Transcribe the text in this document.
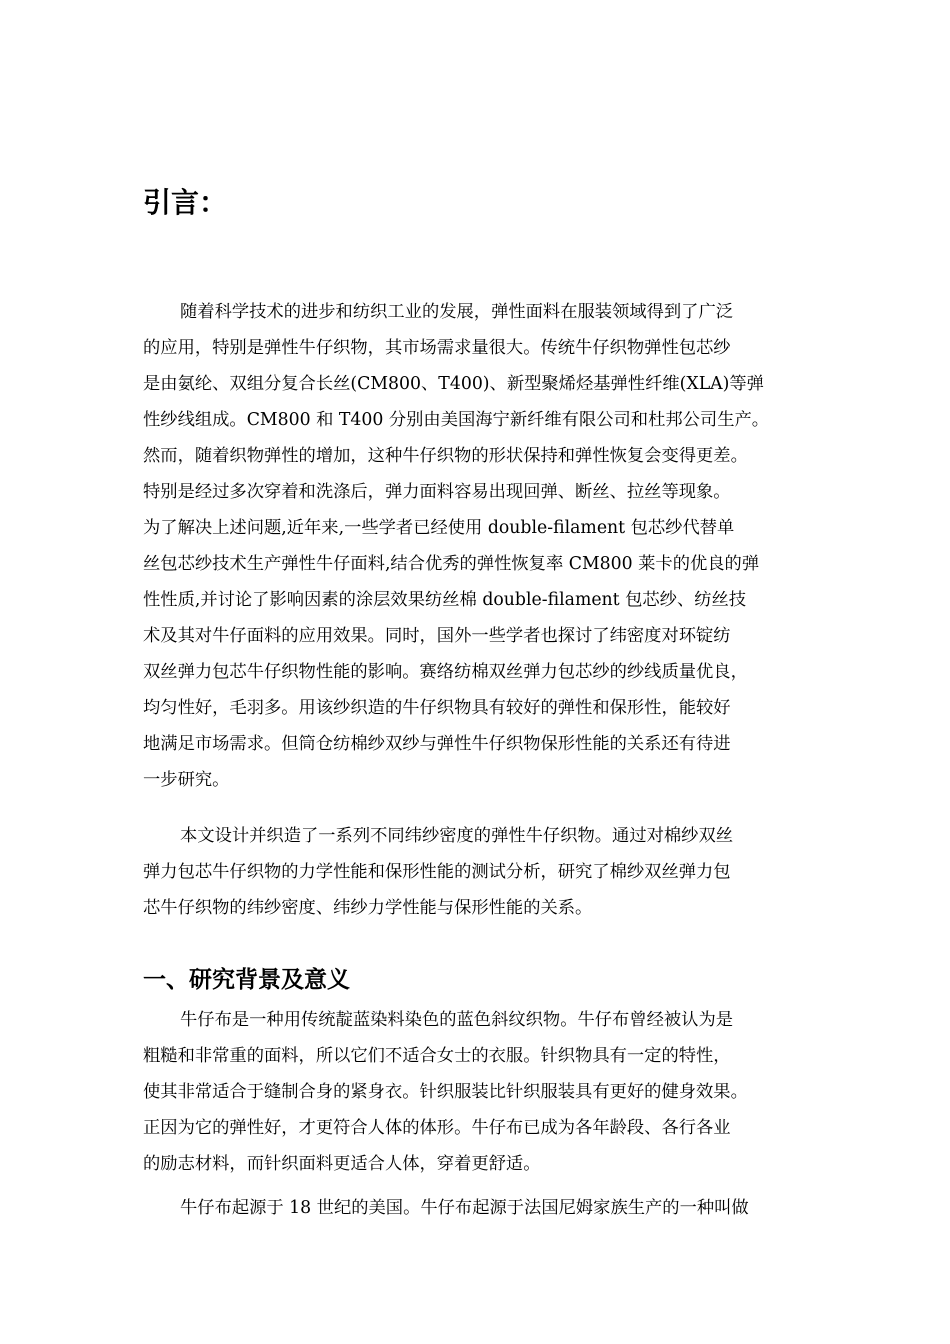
引言：

随着科学技术的进步和纺织工业的发展，弹性面料在服装领域得到了广泛

的应用，特别是弹性牛仔织物，其市场需求量很大。传统牛仔织物弹性包芯纱

是由氨纶、双组分复合长丝(CM800、T400)、新型聚烯烃基弹性纤维(XLA)等弹

性纱线组成。CM800 和 T400 分别由美国海宁新纤维有限公司和杜邦公司生产。

然而，随着织物弹性的增加，这种牛仔织物的形状保持和弹性恢复会变得更差。

特别是经过多次穿着和洗涤后，弹力面料容易出现回弹、断丝、拉丝等现象。

为了解决上述问题,近年来,一些学者已经使用 double-filament 包芯纱代替单

丝包芯纱技术生产弹性牛仔面料,结合优秀的弹性恢复率 CM800 莱卡的优良的弹

性性质,并讨论了影响因素的涂层效果纺丝棉 double-filament 包芯纱、纺丝技

术及其对牛仔面料的应用效果。同时，国外一些学者也探讨了纬密度对环锭纺

双丝弹力包芯牛仔织物性能的影响。赛络纺棉双丝弹力包芯纱的纱线质量优良，

均匀性好，毛羽多。用该纱织造的牛仔织物具有较好的弹性和保形性，能较好

地满足市场需求。但筒仓纺棉纱双纱与弹性牛仔织物保形性能的关系还有待进

一步研究。

本文设计并织造了一系列不同纬纱密度的弹性牛仔织物。通过对棉纱双丝

弹力包芯牛仔织物的力学性能和保形性能的测试分析，研究了棉纱双丝弹力包

芯牛仔织物的纬纱密度、纬纱力学性能与保形性能的关系。

一、研究背景及意义

牛仔布是一种用传统靛蓝染料染色的蓝色斜纹织物。牛仔布曾经被认为是

粗糙和非常重的面料，所以它们不适合女士的衣服。针织物具有一定的特性，

使其非常适合于缝制合身的紧身衣。针织服装比针织服装具有更好的健身效果。

正因为它的弹性好，才更符合人体的体形。牛仔布已成为各年龄段、各行各业

的励志材料，而针织面料更适合人体，穿着更舒适。

牛仔布起源于 18 世纪的美国。牛仔布起源于法国尼姆家族生产的一种叫做
